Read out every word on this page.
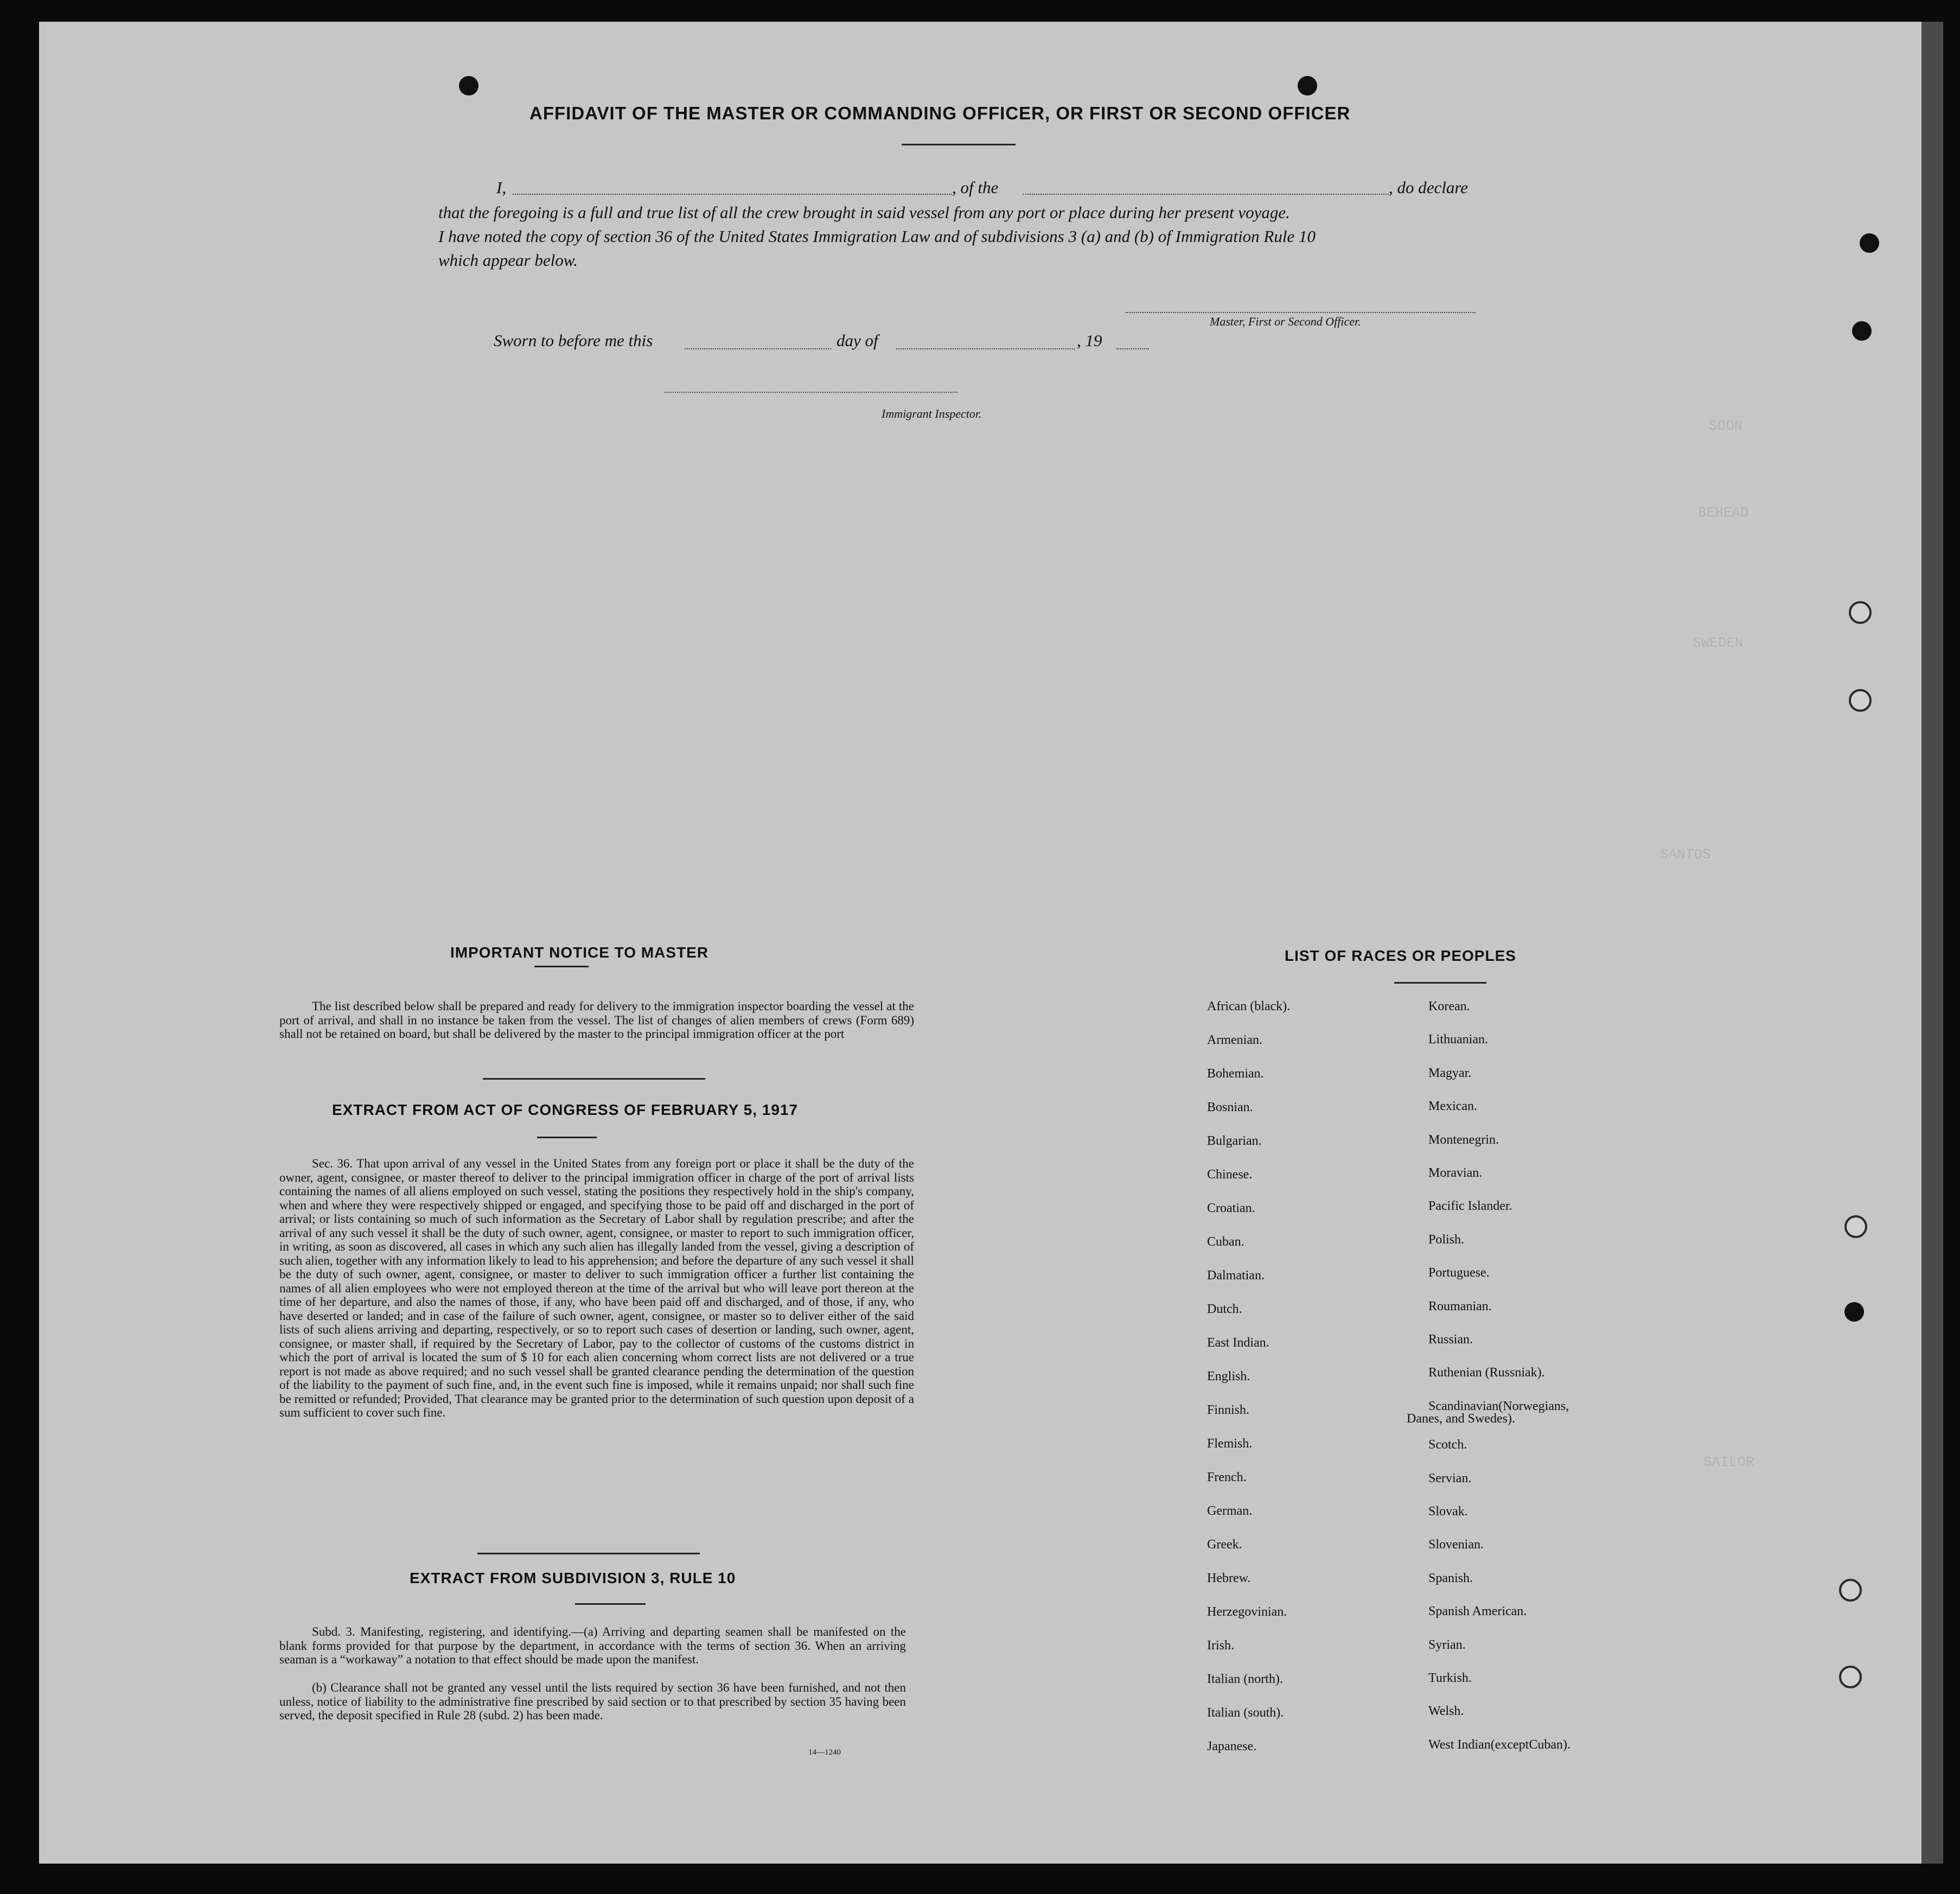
SOON
BEHEAD
SWEDEN
SANTOS
SAILOR
AFFIDAVIT OF THE MASTER OR COMMANDING OFFICER, OR FIRST OR SECOND OFFICER
I,	, of the	, do declare
that the foregoing is a full and true list of all the crew brought in said vessel from any port or place during her present voyage.
I have noted the copy of section 36 of the United States Immigration Law and of subdivisions 3 (a) and (b) of Immigration Rule 10
which appear below.
Master, First or Second Officer.
Sworn to before me this	day of	, 19
Immigrant Inspector.
IMPORTANT NOTICE TO MASTER
The list described below shall be prepared and ready for delivery to the immigration inspector boarding the vessel at the port of arrival, and shall in no instance be taken from the vessel. The list of changes of alien members of crews (Form 689) shall not be retained on board, but shall be delivered by the master to the principal immigration officer at the port
EXTRACT FROM ACT OF CONGRESS OF FEBRUARY 5, 1917
Sec. 36. That upon arrival of any vessel in the United States from any foreign port or place it shall be the duty of the owner, agent, consignee, or master thereof to deliver to the principal immigration officer in charge of the port of arrival lists containing the names of all aliens employed on such vessel, stating the positions they respectively hold in the ship's company, when and where they were respectively shipped or engaged, and specifying those to be paid off and discharged in the port of arrival; or lists containing so much of such information as the Secretary of Labor shall by regulation prescribe; and after the arrival of any such vessel it shall be the duty of such owner, agent, consignee, or master to report to such immigration officer, in writing, as soon as discovered, all cases in which any such alien has illegally landed from the vessel, giving a description of such alien, together with any information likely to lead to his apprehension; and before the departure of any such vessel it shall be the duty of such owner, agent, consignee, or master to deliver to such immigration officer a further list containing the names of all alien employees who were not employed thereon at the time of the arrival but who will leave port thereon at the time of her departure, and also the names of those, if any, who have been paid off and discharged, and of those, if any, who have deserted or landed; and in case of the failure of such owner, agent, consignee, or master so to deliver either of the said lists of such aliens arriving and departing, respectively, or so to report such cases of desertion or landing, such owner, agent, consignee, or master shall, if required by the Secretary of Labor, pay to the collector of customs of the customs district in which the port of arrival is located the sum of $ 10 for each alien concerning whom correct lists are not delivered or a true report is not made as above required; and no such vessel shall be granted clearance pending the determination of the question of the liability to the payment of such fine, and, in the event such fine is imposed, while it remains unpaid; nor shall such fine be remitted or refunded; Provided, That clearance may be granted prior to the determination of such question upon deposit of a sum sufficient to cover such fine.
EXTRACT FROM SUBDIVISION 3, RULE 10
Subd. 3. Manifesting, registering, and identifying.—(a) Arriving and departing seamen shall be manifested on the blank forms provided for that purpose by the department, in accordance with the terms of section 36. When an arriving seaman is a “workaway” a notation to that effect should be made upon the manifest.
(b) Clearance shall not be granted any vessel until the lists required by section 36 have been furnished, and not then unless, notice of liability to the administrative fine prescribed by said section or to that prescribed by section 35 having been served, the deposit specified in Rule 28 (subd. 2) has been made.
14—1240
LIST OF RACES OR PEOPLES
African (black).
Armenian.
Bohemian.
Bosnian.
Bulgarian.
Chinese.
Croatian.
Cuban.
Dalmatian.
Dutch.
East Indian.
English.
Finnish.
Flemish.
French.
German.
Greek.
Hebrew.
Herzegovinian.
Irish.
Italian (north).
Italian (south).
Japanese.
Korean.
Lithuanian.
Magyar.
Mexican.
Montenegrin.
Moravian.
Pacific Islander.
Polish.
Portuguese.
Roumanian.
Russian.
Ruthenian (Russniak).
Scandinavian(Norwegians,
Scotch.
Servian.
Slovak.
Slovenian.
Spanish.
Spanish American.
Syrian.
Turkish.
Welsh.
West Indian(exceptCuban).
Danes, and Swedes).
